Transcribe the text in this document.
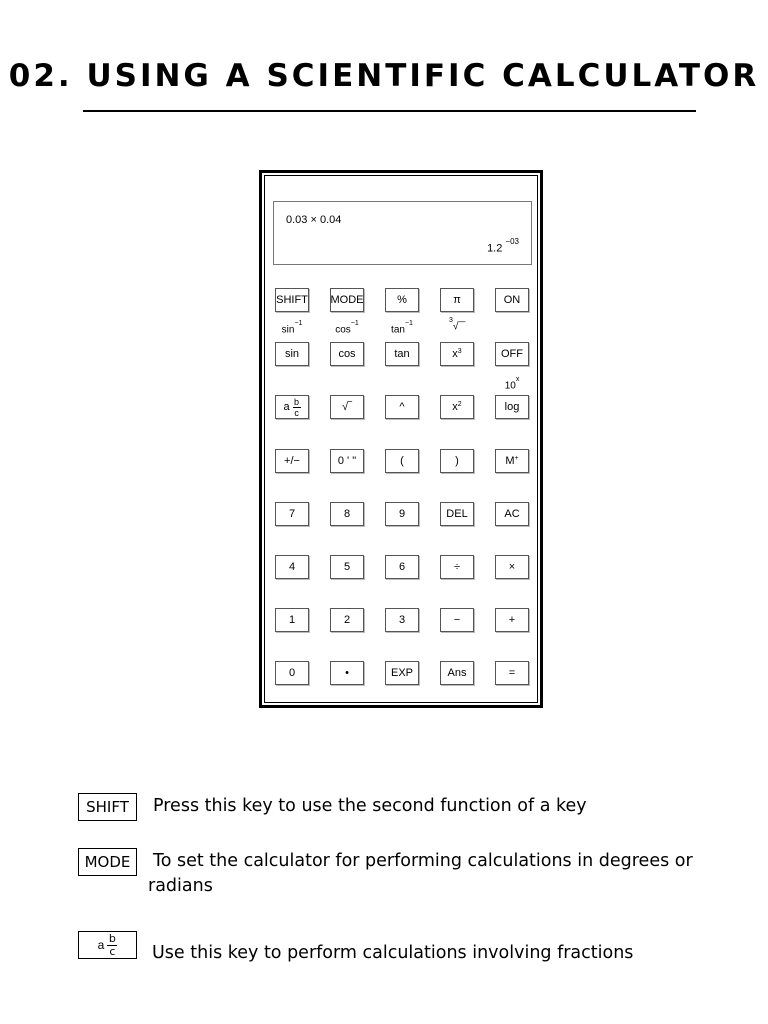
02. USING A SCIENTIFIC CALCULATOR
0.03 × 0.04
1.2 $^{-03}$
SHIFT MODE	%	π	ON
$\sin^{-1}$
$\cos^{-1}$
$\tan^{-1}$	$^3$√‾‾
sin	cos	tan	$x^3$	OFF
10$^x$
a $\frac{b}{c}$	√‾	^	$x^2$	log
+/−	0 ' "	(	)	M+
7	8	9	DEL	AC
4	5	6	÷	×
1	2	3	−	+
0	•	EXP	Ans	=
SHIFT	Press this key to use the second function of a key
MODE	To set the calculator for performing calculations in degrees or radians
a $\frac{b}{c}$ Use this key to perform calculations involving fractions
